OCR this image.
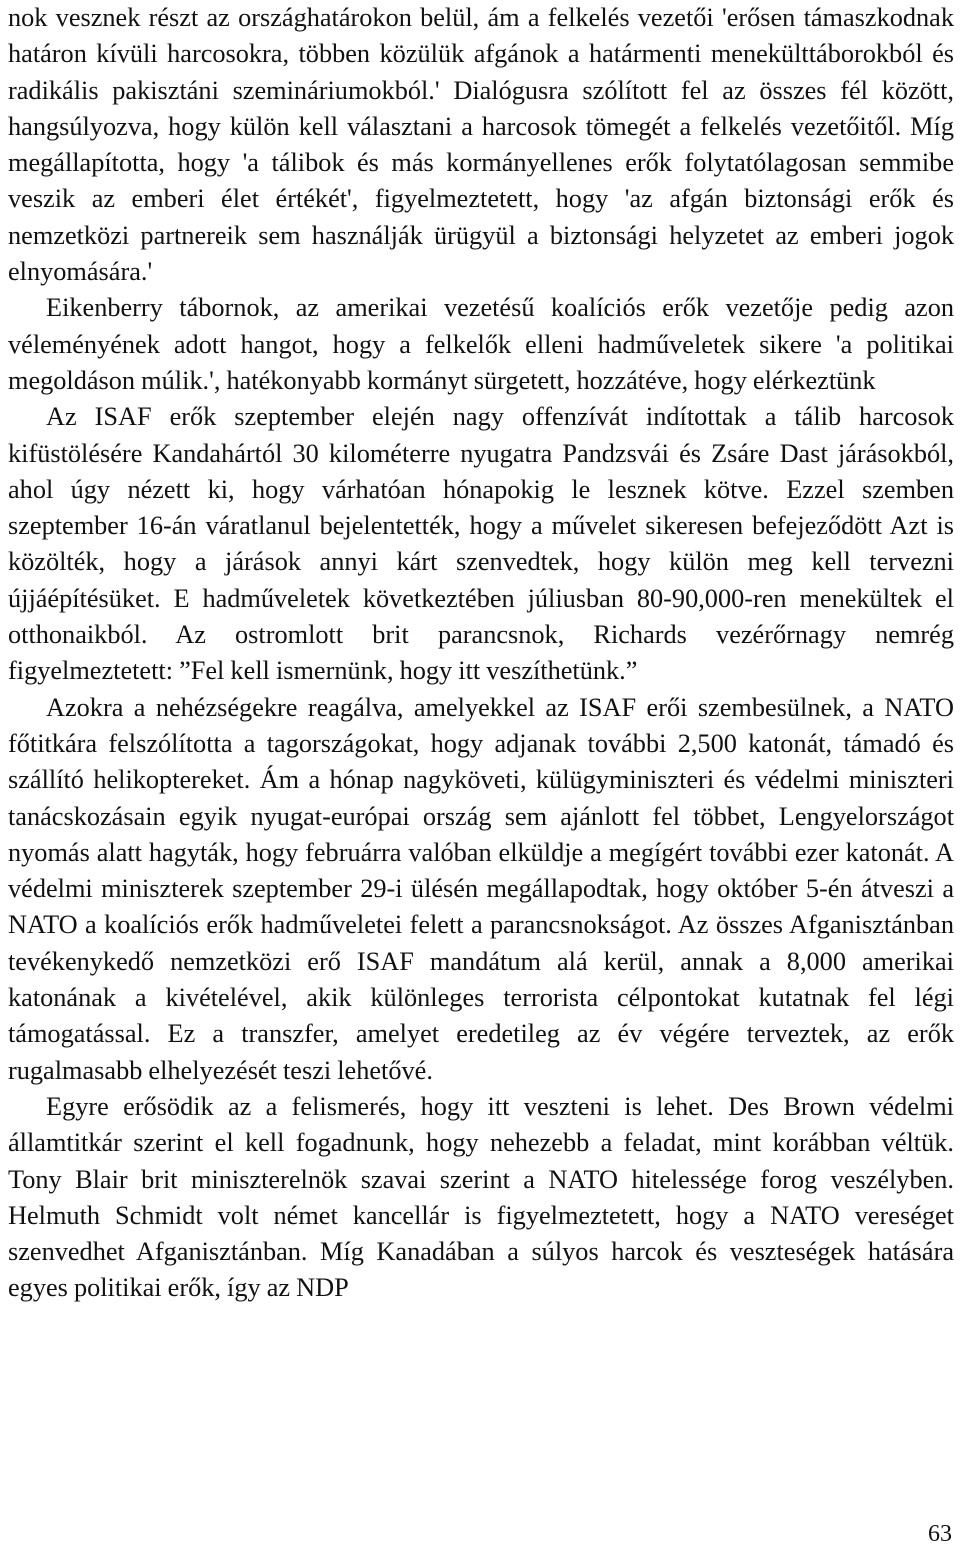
nok vesznek részt az országhatárokon belül, ám a felkelés vezetői 'erősen támaszkodnak határon kívüli harcosokra, többen közülük afgánok a határmenti menekülttáborokból és radikális pakisztáni szemináriumokból.' Dialógusra szólított fel az összes fél között, hangsúlyozva, hogy külön kell választani a harcosok tömegét a felkelés vezetőitől. Míg megállapította, hogy 'a tálibok és más kormányellenes erők folytatólagosan semmibe veszik az emberi élet értékét', figyelmeztetett, hogy 'az afgán biztonsági erők és nemzetközi partnereik sem használják ürügyül a biztonsági helyzetet az emberi jogok elnyomására.'

Eikenberry tábornok, az amerikai vezetésű koalíciós erők vezetője pedig azon véleményének adott hangot, hogy a felkelők elleni hadműveletek sikere 'a politikai megoldáson múlik.', hatékonyabb kormányt sürgetett, hozzátéve, hogy elérkeztünk

Az ISAF erők szeptember elején nagy offenzívát indítottak a tálib harcosok kifüstölésére Kandahártól 30 kilométerre nyugatra Pandzsvái és Zsáre Dast járásokból, ahol úgy nézett ki, hogy várhatóan hónapokig le lesznek kötve. Ezzel szemben szeptember 16-án váratlanul bejelentették, hogy a művelet sikeresen befejeződött Azt is közölték, hogy a járások annyi kárt szenvedtek, hogy külön meg kell tervezni újjáépítésüket. E hadműveletek következtében júliusban 80-90,000-ren menekültek el otthonaikból. Az ostromlott brit parancsnok, Richards vezérőrnagy nemrég figyelmeztetett: ”Fel kell ismernünk, hogy itt veszíthetünk.”

Azokra a nehézségekre reagálva, amelyekkel az ISAF erői szembesülnek, a NATO főtitkára felszólította a tagországokat, hogy adjanak további 2,500 katonát, támadó és szállító helikoptereket. Ám a hónap nagyköveti, külügyminiszteri és védelmi miniszteri tanácskozásain egyik nyugat-európai ország sem ajánlott fel többet, Lengyelországot nyomás alatt hagyták, hogy februárra valóban elküldje a megígért további ezer katonát. A védelmi miniszterek szeptember 29-i ülésén megállapodtak, hogy október 5-én átveszi a NATO a koalíciós erők hadműveletei felett a parancsnokságot. Az összes Afganisztánban tevékenykedő nemzetközi erő ISAF mandátum alá kerül, annak a 8,000 amerikai katonának a kivételével, akik különleges terrorista célpontokat kutatnak fel légi támogatással. Ez a transzfer, amelyet eredetileg az év végére terveztek, az erők rugalmasabb elhelyezését teszi lehetővé.

Egyre erősödik az a felismerés, hogy itt veszteni is lehet. Des Brown védelmi államtitkár szerint el kell fogadnunk, hogy nehezebb a feladat, mint korábban véltük. Tony Blair brit miniszterelnök szavai szerint a NATO hitelessége forog veszélyben. Helmuth Schmidt volt német kancellár is figyelmeztetett, hogy a NATO vereséget szenvedhet Afganisztánban. Míg Kanadában a súlyos harcok és veszteségek hatására egyes politikai erők, így az NDP

63
